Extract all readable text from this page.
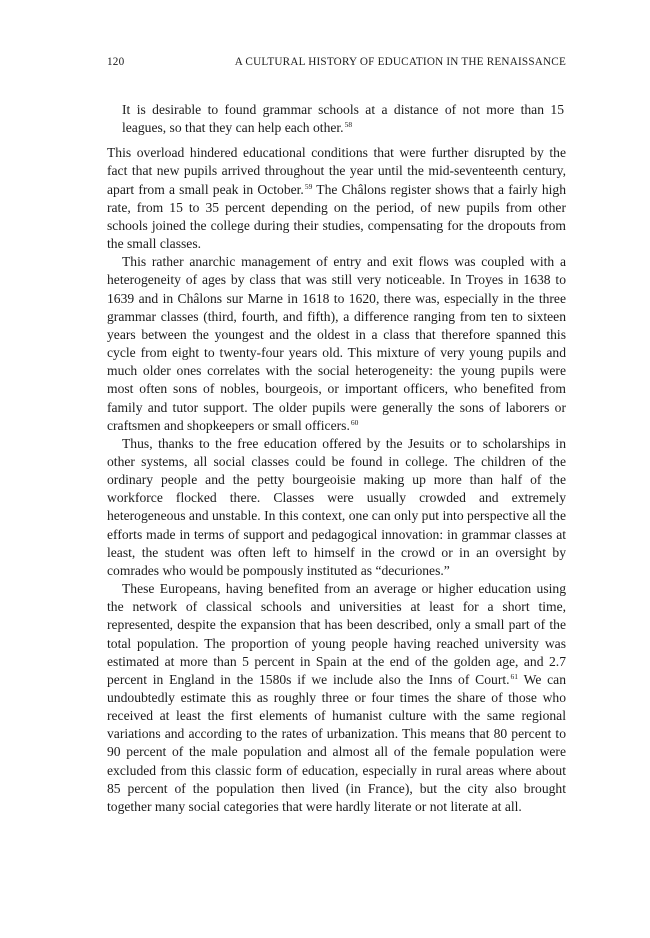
120	A CULTURAL HISTORY OF EDUCATION IN THE RENAISSANCE

It is desirable to found grammar schools at a distance of not more than 15 leagues, so that they can help each other.$^{58}$

This overload hindered educational conditions that were further disrupted by the fact that new pupils arrived throughout the year until the mid-seventeenth century, apart from a small peak in October.$^{59}$ The Châlons register shows that a fairly high rate, from 15 to 35 percent depending on the period, of new pupils from other schools joined the college during their studies, compensating for the dropouts from the small classes.

This rather anarchic management of entry and exit flows was coupled with a heterogeneity of ages by class that was still very noticeable. In Troyes in 1638 to 1639 and in Châlons sur Marne in 1618 to 1620, there was, especially in the three grammar classes (third, fourth, and fifth), a difference ranging from ten to sixteen years between the youngest and the oldest in a class that therefore spanned this cycle from eight to twenty-four years old. This mixture of very young pupils and much older ones correlates with the social heterogeneity: the young pupils were most often sons of nobles, bourgeois, or important officers, who benefited from family and tutor support. The older pupils were generally the sons of laborers or craftsmen and shopkeepers or small officers.$^{60}$

Thus, thanks to the free education offered by the Jesuits or to scholarships in other systems, all social classes could be found in college. The children of the ordinary people and the petty bourgeoisie making up more than half of the workforce flocked there. Classes were usually crowded and extremely heterogeneous and unstable. In this context, one can only put into perspective all the efforts made in terms of support and pedagogical innovation: in grammar classes at least, the student was often left to himself in the crowd or in an oversight by comrades who would be pompously instituted as “decuriones.”

These Europeans, having benefited from an average or higher education using the network of classical schools and universities at least for a short time, represented, despite the expansion that has been described, only a small part of the total population. The proportion of young people having reached university was estimated at more than 5 percent in Spain at the end of the golden age, and 2.7 percent in England in the 1580s if we include also the Inns of Court.$^{61}$ We can undoubtedly estimate this as roughly three or four times the share of those who received at least the first elements of humanist culture with the same regional variations and according to the rates of urbanization. This means that 80 percent to 90 percent of the male population and almost all of the female population were excluded from this classic form of education, especially in rural areas where about 85 percent of the population then lived (in France), but the city also brought together many social categories that were hardly literate or not literate at all.
